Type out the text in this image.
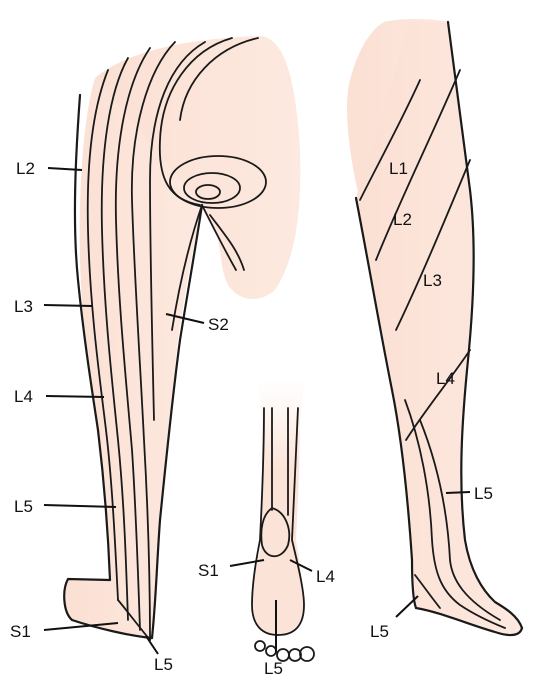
L2
L3
L4
L5
S1
L5
S2
S1	L4
L5
L1
L2
L3
L4
L5
L5
